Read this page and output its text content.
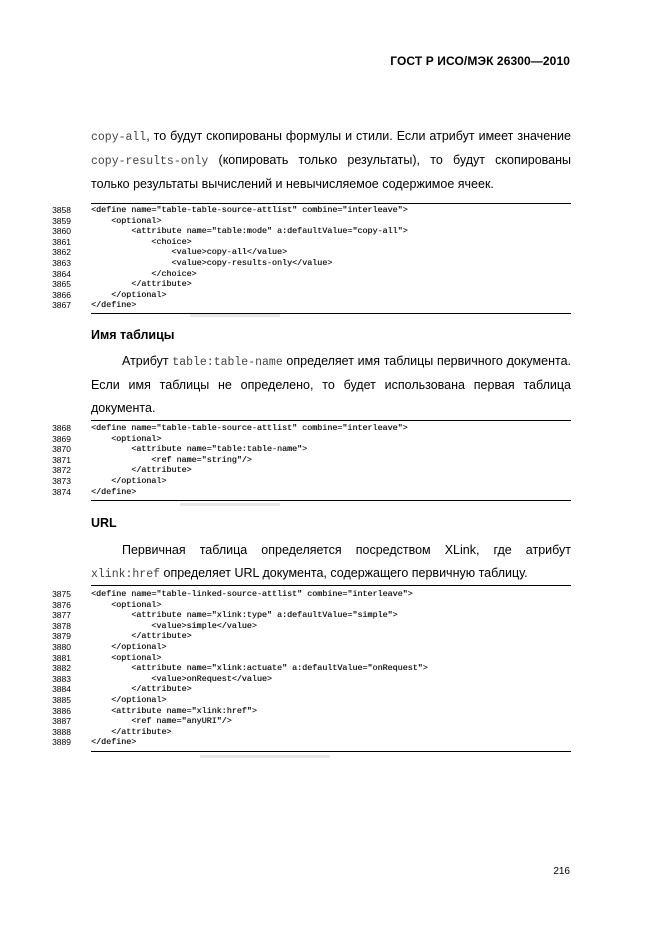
ГОСТ Р ИСО/МЭК 26300—2010

copy-all, то будут скопированы формулы и стили. Если атрибут имеет значение copy-results-only (копировать только результаты), то будут скопированы только результаты вычислений и невычисляемое содержимое ячеек.

3858 <define name="table-table-source-attlist" combine="interleave">
3859 <optional>
3860 <attribute name="table:mode" a:defaultValue="copy-all">
3861 <choice>
3862 <value>copy-all</value>
3863 <value>copy-results-only</value>
3864 </choice>
3865 </attribute>
3866 </optional>
3867 </define>
Имя таблицы

Атрибут table:table-name определяет имя таблицы первичного документа. Если имя таблицы не определено, то будет использована первая таблица документа.

3868 <define name="table-table-source-attlist" combine="interleave">
3869 <optional>
3870 <attribute name="table:table-name">
3871 <ref name="string"/>
3872 </attribute>
3873 </optional>
3874 </define>
URL

Первичная таблица определяется посредством XLink, где атрибут xlink:href определяет URL документа, содержащего первичную таблицу.

3875 <define name="table-linked-source-attlist" combine="interleave">
3876 <optional>
3877 <attribute name="xlink:type" a:defaultValue="simple">
3878 <value>simple</value>
3879 </attribute>
3880 </optional>
3881 <optional>
3882 <attribute name="xlink:actuate" a:defaultValue="onRequest">
3883 <value>onRequest</value>
3884 </attribute>
3885 </optional>
3886 <attribute name="xlink:href">
3887 <ref name="anyURI"/>
3888 </attribute>
3889 </define>
216
